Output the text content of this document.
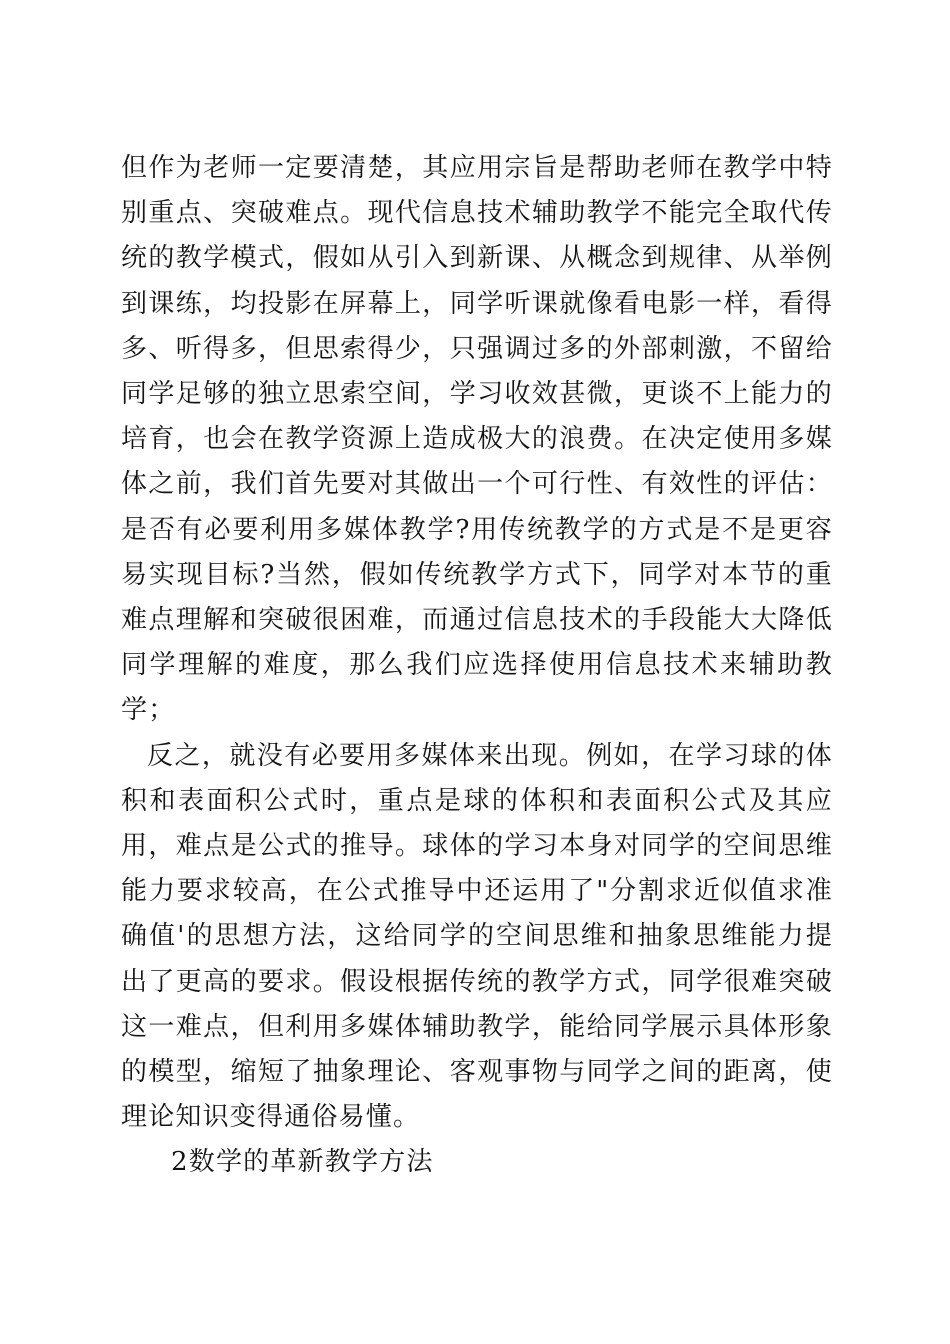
但作为老师一定要清楚，其应用宗旨是帮助老师在教学中特别重点、突破难点。现代信息技术辅助教学不能完全取代传统的教学模式，假如从引入到新课、从概念到规律、从举例到课练，均投影在屏幕上，同学听课就像看电影一样，看得多、听得多，但思索得少，只强调过多的外部刺激，不留给同学足够的独立思索空间，学习收效甚微，更谈不上能力的培育，也会在教学资源上造成极大的浪费。在决定使用多媒体之前，我们首先要对其做出一个可行性、有效性的评估：是否有必要利用多媒体教学?用传统教学的方式是不是更容易实现目标?当然，假如传统教学方式下，同学对本节的重难点理解和突破很困难，而通过信息技术的手段能大大降低同学理解的难度，那么我们应选择使用信息技术来辅助教学；

反之，就没有必要用多媒体来出现。例如，在学习球的体积和表面积公式时，重点是球的体积和表面积公式及其应用，难点是公式的推导。球体的学习本身对同学的空间思维能力要求较高，在公式推导中还运用了"分割求近似值求准确值'的思想方法，这给同学的空间思维和抽象思维能力提出了更高的要求。假设根据传统的教学方式，同学很难突破这一难点，但利用多媒体辅助教学，能给同学展示具体形象的模型，缩短了抽象理论、客观事物与同学之间的距离，使理论知识变得通俗易懂。

2数学的革新教学方法
